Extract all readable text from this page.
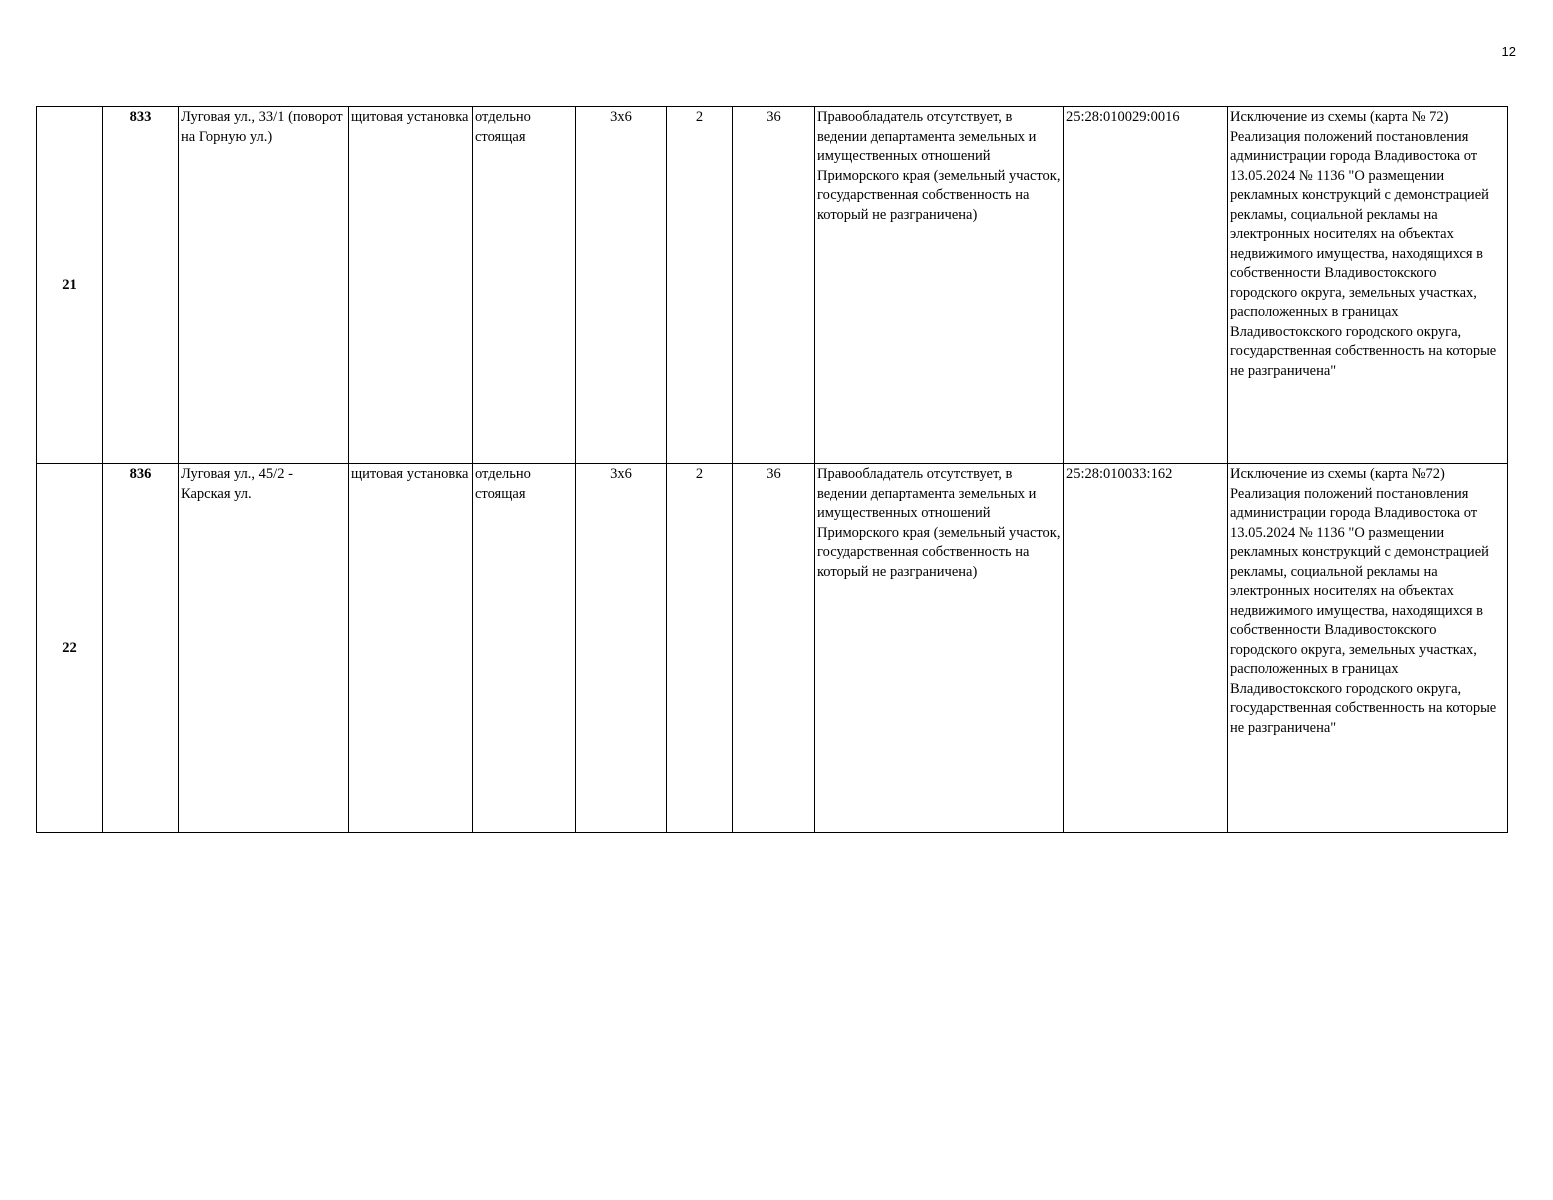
12
21	833	Луговая ул., 33/1 (поворот на Горную ул.)	щитовая установка	отдельно стоящая	3х6	2	36	Правообладатель отсутствует, в ведении департамента земельных и имущественных отношений Приморского края (земельный участок, государственная собственность на который не разграничена)	25:28:010029:0016	Исключение из схемы (карта № 72) Реализация положений постановления администрации города Владивостока от 13.05.2024 № 1136 "О размещении рекламных конструкций с демонстрацией рекламы, социальной рекламы на электронных носителях на объектах недвижимого имущества, находящихся в собственности Владивостокского городского округа, земельных участках, расположенных в границах Владивостокского городского округа, государственная собственность на которые не разграничена"
22	836	Луговая ул., 45/2 - Карская ул.	щитовая установка	отдельно стоящая	3х6	2	36	Правообладатель отсутствует, в ведении департамента земельных и имущественных отношений Приморского края (земельный участок, государственная собственность на который не разграничена)	25:28:010033:162	Исключение из схемы (карта №72) Реализация положений постановления администрации города Владивостока от 13.05.2024 № 1136 "О размещении рекламных конструкций с демонстрацией рекламы, социальной рекламы на электронных носителях на объектах недвижимого имущества, находящихся в собственности Владивостокского городского округа, земельных участках, расположенных в границах Владивостокского городского округа, государственная собственность на которые не разграничена"
